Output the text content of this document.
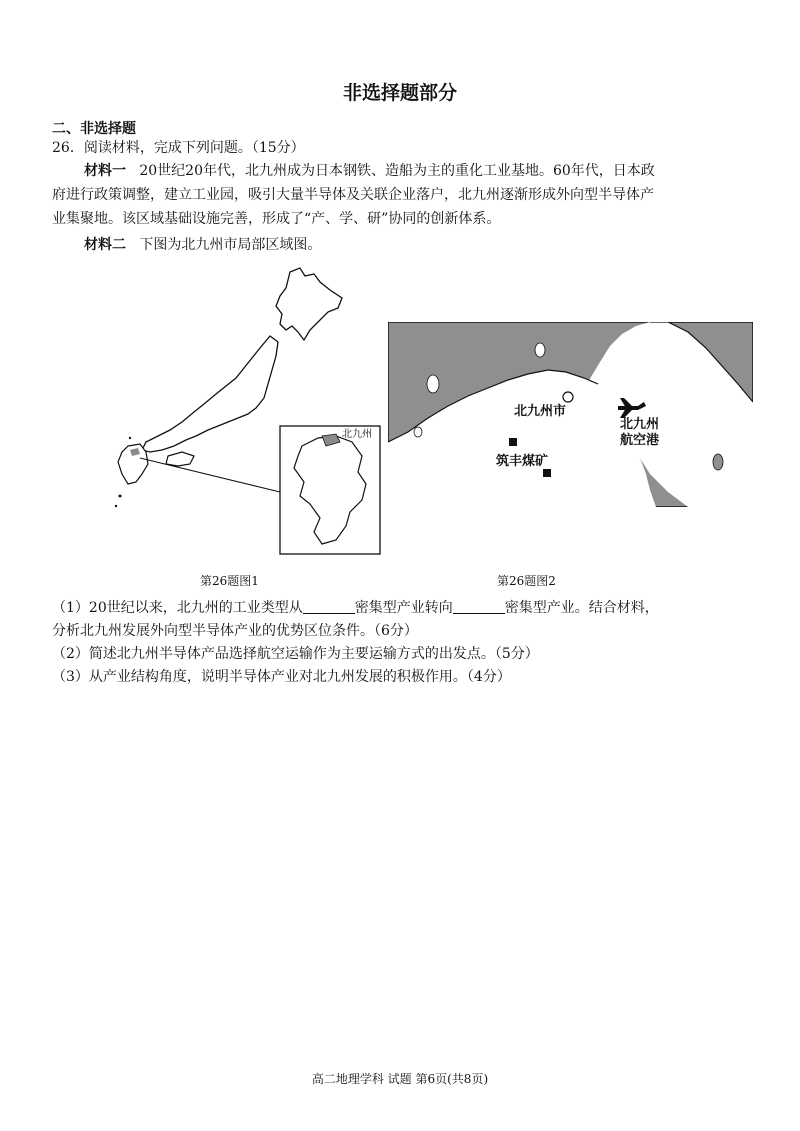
非选择题部分
二、非选择题
26．阅读材料，完成下列问题。（15分）
材料一 20世纪20年代，北九州成为日本钢铁、造船为主的重化工业基地。60年代，日本政
府进行政策调整，建立工业园，吸引大量半导体及关联企业落户，北九州逐渐形成外向型半导体产
业集聚地。该区域基础设施完善，形成了“产、学、研”协同的创新体系。
材料二 下图为北九州市局部区域图。
北九州
北九州市
筑丰煤矿
北九州
航空港
第26题图1	第26题图2
（1）20世纪以来，北九州的工业类型从	密集型产业转向	密集型产业。结合材料，
分析北九州发展外向型半导体产业的优势区位条件。（6分）
（2）简述北九州半导体产品选择航空运输作为主要运输方式的出发点。（5分）
（3）从产业结构角度，说明半导体产业对北九州发展的积极作用。（4分）
高二地理学科 试题 第6页(共8页)
